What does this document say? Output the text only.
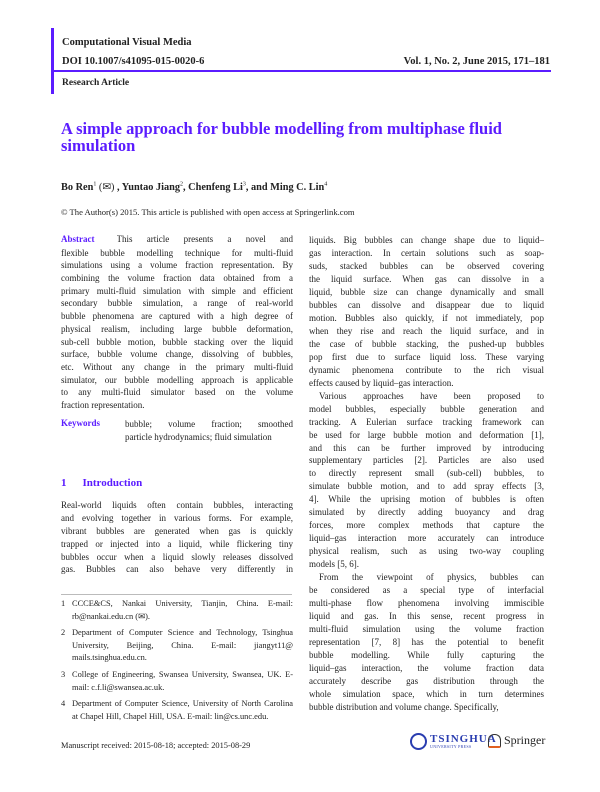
Computational Visual Media
DOI 10.1007/s41095-015-0020-6	Vol. 1, No. 2, June 2015, 171–181
Research Article
A simple approach for bubble modelling from multiphase fluid simulation
Bo Ren$^1$ (✉) , Yuntao Jiang$^2$, Chenfeng Li$^3$, and Ming C. Lin$^4$
© The Author(s) 2015. This article is published with open access at Springerlink.com
Abstract This article presents a novel and
flexible bubble modelling technique for multi-fluid
simulations using a volume fraction representation. By
combining the volume fraction data obtained from a
primary multi-fluid simulation with simple and efficient
secondary bubble simulation, a range of real-world
bubble phenomena are captured with a high degree of
physical realism, including large bubble deformation,
sub-cell bubble motion, bubble stacking over the liquid
surface, bubble volume change, dissolving of bubbles,
etc. Without any change in the primary multi-fluid
simulator, our bubble modelling approach is applicable
to any multi-fluid simulator based on the volume
fraction representation.
Keywords	bubble; volume fraction; smoothed
particle hydrodynamics; fluid simulation
1 Introduction
Real-world liquids often contain bubbles, interacting
and evolving together in various forms. For example,
vibrant bubbles are generated when gas is quickly
trapped or injected into a liquid, while flickering tiny
bubbles occur when a liquid slowly releases dissolved
gas. Bubbles can also behave very differently in
1 CCCE&CS, Nankai University, Tianjin, China. E-mail: rb@nankai.edu.cn (✉).
2 Department of Computer Science and Technology, Tsinghua University, Beijing, China. E-mail: jiangyt11@ mails.tsinghua.edu.cn.
3 College of Engineering, Swansea University, Swansea, UK. E-mail: c.f.li@swansea.ac.uk.
4 Department of Computer Science, University of North Carolina at Chapel Hill, Chapel Hill, USA. E-mail: lin@cs.unc.edu.
Manuscript received: 2015-08-18; accepted: 2015-08-29
liquids. Big bubbles can change shape due to liquid–
gas interaction. In certain solutions such as soap-
suds, stacked bubbles can be observed covering
the liquid surface. When gas can dissolve in a
liquid, bubble size can change dynamically and small
bubbles can dissolve and disappear due to liquid
motion. Bubbles also quickly, if not immediately, pop
when they rise and reach the liquid surface, and in
the case of bubble stacking, the pushed-up bubbles
pop first due to surface liquid loss. These varying
dynamic phenomena contribute to the rich visual
effects caused by liquid–gas interaction.
Various approaches have been proposed to
model bubbles, especially bubble generation and
tracking. A Eulerian surface tracking framework can
be used for large bubble motion and deformation [1],
and this can be further improved by introducing
supplementary particles [2]. Particles are also used
to directly represent small (sub-cell) bubbles, to
simulate bubble motion, and to add spray effects [3,
4]. While the uprising motion of bubbles is often
simulated by directly adding buoyancy and drag
forces, more complex methods that capture the
liquid–gas interaction more accurately can introduce
physical realism, such as using two-way coupling
models [5, 6].
From the viewpoint of physics, bubbles can
be considered as a special type of interfacial
multi-phase flow phenomena involving immiscible
liquid and gas. In this sense, recent progress in
multi-fluid simulation using the volume fraction
representation [7, 8] has the potential to benefit
bubble modelling. While fully capturing the
liquid–gas interaction, the volume fraction data
accurately describe gas distribution through the
whole simulation space, which in turn determines
bubble distribution and volume change. Specifically,
TSINGHUA
UNIVERSITY PRESS	Springer
